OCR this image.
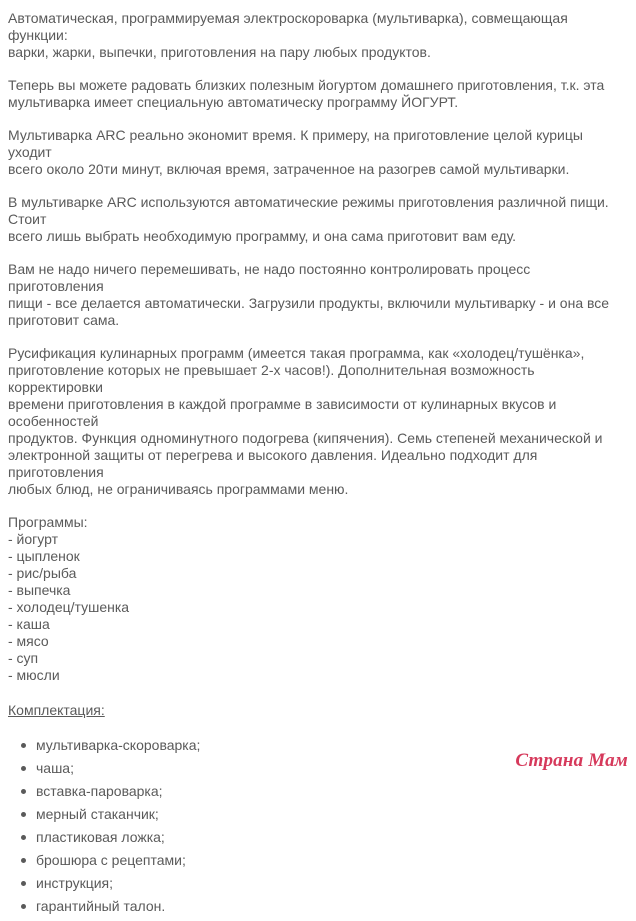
Автоматическая, программируемая электроскороварка (мультиварка), совмещающая функции:
варки, жарки, выпечки, приготовления на пару любых продуктов.

Теперь вы можете радовать близких полезным йогуртом домашнего приготовления, т.к. эта
мультиварка имеет специальную автоматическу программу ЙОГУРТ.

Мультиварка ARC реально экономит время. К примеру, на приготовление целой курицы уходит
всего около 20ти минут, включая время, затраченное на разогрев самой мультиварки.

В мультиварке ARC используются автоматические режимы приготовления различной пищи. Стоит
всего лишь выбрать необходимую программу, и она сама приготовит вам еду.

Вам не надо ничего перемешивать, не надо постоянно контролировать процесс приготовления
пищи - все делается автоматически. Загрузили продукты, включили мультиварку - и она все
приготовит сама.

Русификация кулинарных программ (имеется такая программа, как «холодец/тушёнка»,
приготовление которых не превышает 2-х часов!). Дополнительная возможность корректировки
времени приготовления в каждой программе в зависимости от кулинарных вкусов и особенностей
продуктов. Функция одноминутного подогрева (кипячения). Семь степеней механической и
электронной защиты от перегрева и высокого давления. Идеально подходит для приготовления
любых блюд, не ограничиваясь программами меню.

Программы:
- йогурт
- цыпленок
- рис/рыба
- выпечка
- холодец/тушенка
- каша
- мясо
- суп
- мюсли
Комплектация:
мультиварка-скороварка;
чаша;
вставка-пароварка;
мерный стаканчик;
пластиковая ложка;
брошюра с рецептами;
инструкция;
гарантийный талон.
Страна Мам
